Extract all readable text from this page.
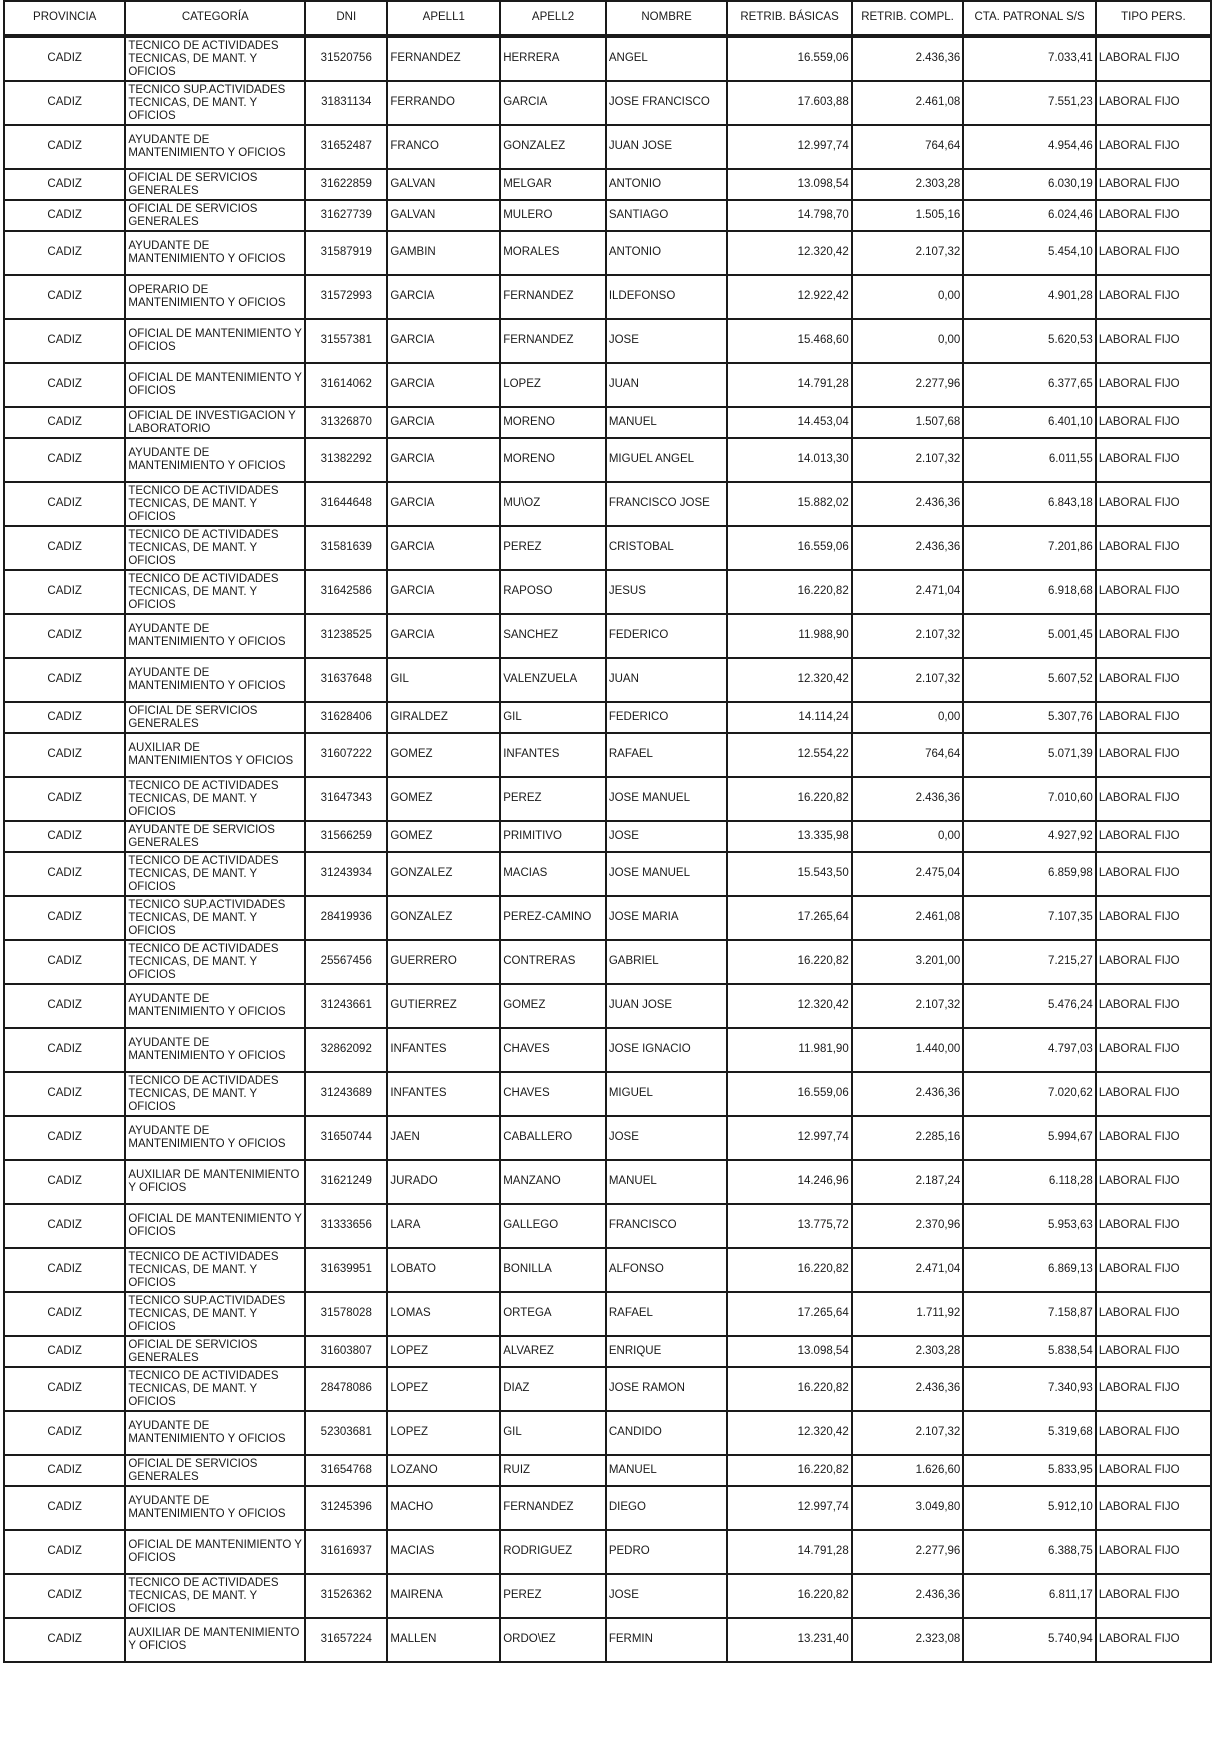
PROVINCIA	CATEGORÍA	DNI	APELL1	APELL2	NOMBRE	RETRIB. BÁSICAS	RETRIB. COMPL.	CTA. PATRONAL S/S	TIPO PERS.
CADIZ	TECNICO DE ACTIVIDADES TECNICAS, DE MANT. Y OFICIOS	31520756	FERNANDEZ	HERRERA	ANGEL	16.559,06	2.436,36	7.033,41	LABORAL FIJO
CADIZ	TECNICO SUP.ACTIVIDADES TECNICAS, DE MANT. Y OFICIOS	31831134	FERRANDO	GARCIA	JOSE FRANCISCO	17.603,88	2.461,08	7.551,23	LABORAL FIJO
CADIZ	AYUDANTE DE MANTENIMIENTO Y OFICIOS	31652487	FRANCO	GONZALEZ	JUAN JOSE	12.997,74	764,64	4.954,46	LABORAL FIJO
CADIZ	OFICIAL DE SERVICIOS GENERALES	31622859	GALVAN	MELGAR	ANTONIO	13.098,54	2.303,28	6.030,19	LABORAL FIJO
CADIZ	OFICIAL DE SERVICIOS GENERALES	31627739	GALVAN	MULERO	SANTIAGO	14.798,70	1.505,16	6.024,46	LABORAL FIJO
CADIZ	AYUDANTE DE MANTENIMIENTO Y OFICIOS	31587919	GAMBIN	MORALES	ANTONIO	12.320,42	2.107,32	5.454,10	LABORAL FIJO
CADIZ	OPERARIO DE MANTENIMIENTO Y OFICIOS	31572993	GARCIA	FERNANDEZ	ILDEFONSO	12.922,42	0,00	4.901,28	LABORAL FIJO
CADIZ	OFICIAL DE MANTENIMIENTO Y OFICIOS	31557381	GARCIA	FERNANDEZ	JOSE	15.468,60	0,00	5.620,53	LABORAL FIJO
CADIZ	OFICIAL DE MANTENIMIENTO Y OFICIOS	31614062	GARCIA	LOPEZ	JUAN	14.791,28	2.277,96	6.377,65	LABORAL FIJO
CADIZ	OFICIAL DE INVESTIGACION Y LABORATORIO	31326870	GARCIA	MORENO	MANUEL	14.453,04	1.507,68	6.401,10	LABORAL FIJO
CADIZ	AYUDANTE DE MANTENIMIENTO Y OFICIOS	31382292	GARCIA	MORENO	MIGUEL ANGEL	14.013,30	2.107,32	6.011,55	LABORAL FIJO
CADIZ	TECNICO DE ACTIVIDADES TECNICAS, DE MANT. Y OFICIOS	31644648	GARCIA	MU\OZ	FRANCISCO JOSE	15.882,02	2.436,36	6.843,18	LABORAL FIJO
CADIZ	TECNICO DE ACTIVIDADES TECNICAS, DE MANT. Y OFICIOS	31581639	GARCIA	PEREZ	CRISTOBAL	16.559,06	2.436,36	7.201,86	LABORAL FIJO
CADIZ	TECNICO DE ACTIVIDADES TECNICAS, DE MANT. Y OFICIOS	31642586	GARCIA	RAPOSO	JESUS	16.220,82	2.471,04	6.918,68	LABORAL FIJO
CADIZ	AYUDANTE DE MANTENIMIENTO Y OFICIOS	31238525	GARCIA	SANCHEZ	FEDERICO	11.988,90	2.107,32	5.001,45	LABORAL FIJO
CADIZ	AYUDANTE DE MANTENIMIENTO Y OFICIOS	31637648	GIL	VALENZUELA	JUAN	12.320,42	2.107,32	5.607,52	LABORAL FIJO
CADIZ	OFICIAL DE SERVICIOS GENERALES	31628406	GIRALDEZ	GIL	FEDERICO	14.114,24	0,00	5.307,76	LABORAL FIJO
CADIZ	AUXILIAR DE MANTENIMIENTOS Y OFICIOS	31607222	GOMEZ	INFANTES	RAFAEL	12.554,22	764,64	5.071,39	LABORAL FIJO
CADIZ	TECNICO DE ACTIVIDADES TECNICAS, DE MANT. Y OFICIOS	31647343	GOMEZ	PEREZ	JOSE MANUEL	16.220,82	2.436,36	7.010,60	LABORAL FIJO
CADIZ	AYUDANTE DE SERVICIOS GENERALES	31566259	GOMEZ	PRIMITIVO	JOSE	13.335,98	0,00	4.927,92	LABORAL FIJO
CADIZ	TECNICO DE ACTIVIDADES TECNICAS, DE MANT. Y OFICIOS	31243934	GONZALEZ	MACIAS	JOSE MANUEL	15.543,50	2.475,04	6.859,98	LABORAL FIJO
CADIZ	TECNICO SUP.ACTIVIDADES TECNICAS, DE MANT. Y OFICIOS	28419936	GONZALEZ	PEREZ-CAMINO	JOSE MARIA	17.265,64	2.461,08	7.107,35	LABORAL FIJO
CADIZ	TECNICO DE ACTIVIDADES TECNICAS, DE MANT. Y OFICIOS	25567456	GUERRERO	CONTRERAS	GABRIEL	16.220,82	3.201,00	7.215,27	LABORAL FIJO
CADIZ	AYUDANTE DE MANTENIMIENTO Y OFICIOS	31243661	GUTIERREZ	GOMEZ	JUAN JOSE	12.320,42	2.107,32	5.476,24	LABORAL FIJO
CADIZ	AYUDANTE DE MANTENIMIENTO Y OFICIOS	32862092	INFANTES	CHAVES	JOSE IGNACIO	11.981,90	1.440,00	4.797,03	LABORAL FIJO
CADIZ	TECNICO DE ACTIVIDADES TECNICAS, DE MANT. Y OFICIOS	31243689	INFANTES	CHAVES	MIGUEL	16.559,06	2.436,36	7.020,62	LABORAL FIJO
CADIZ	AYUDANTE DE MANTENIMIENTO Y OFICIOS	31650744	JAEN	CABALLERO	JOSE	12.997,74	2.285,16	5.994,67	LABORAL FIJO
CADIZ	AUXILIAR DE MANTENIMIENTO Y OFICIOS	31621249	JURADO	MANZANO	MANUEL	14.246,96	2.187,24	6.118,28	LABORAL FIJO
CADIZ	OFICIAL DE MANTENIMIENTO Y OFICIOS	31333656	LARA	GALLEGO	FRANCISCO	13.775,72	2.370,96	5.953,63	LABORAL FIJO
CADIZ	TECNICO DE ACTIVIDADES TECNICAS, DE MANT. Y OFICIOS	31639951	LOBATO	BONILLA	ALFONSO	16.220,82	2.471,04	6.869,13	LABORAL FIJO
CADIZ	TECNICO SUP.ACTIVIDADES TECNICAS, DE MANT. Y OFICIOS	31578028	LOMAS	ORTEGA	RAFAEL	17.265,64	1.711,92	7.158,87	LABORAL FIJO
CADIZ	OFICIAL DE SERVICIOS GENERALES	31603807	LOPEZ	ALVAREZ	ENRIQUE	13.098,54	2.303,28	5.838,54	LABORAL FIJO
CADIZ	TECNICO DE ACTIVIDADES TECNICAS, DE MANT. Y OFICIOS	28478086	LOPEZ	DIAZ	JOSE RAMON	16.220,82	2.436,36	7.340,93	LABORAL FIJO
CADIZ	AYUDANTE DE MANTENIMIENTO Y OFICIOS	52303681	LOPEZ	GIL	CANDIDO	12.320,42	2.107,32	5.319,68	LABORAL FIJO
CADIZ	OFICIAL DE SERVICIOS GENERALES	31654768	LOZANO	RUIZ	MANUEL	16.220,82	1.626,60	5.833,95	LABORAL FIJO
CADIZ	AYUDANTE DE MANTENIMIENTO Y OFICIOS	31245396	MACHO	FERNANDEZ	DIEGO	12.997,74	3.049,80	5.912,10	LABORAL FIJO
CADIZ	OFICIAL DE MANTENIMIENTO Y OFICIOS	31616937	MACIAS	RODRIGUEZ	PEDRO	14.791,28	2.277,96	6.388,75	LABORAL FIJO
CADIZ	TECNICO DE ACTIVIDADES TECNICAS, DE MANT. Y OFICIOS	31526362	MAIRENA	PEREZ	JOSE	16.220,82	2.436,36	6.811,17	LABORAL FIJO
CADIZ	AUXILIAR DE MANTENIMIENTO Y OFICIOS	31657224	MALLEN	ORDO\EZ	FERMIN	13.231,40	2.323,08	5.740,94	LABORAL FIJO
